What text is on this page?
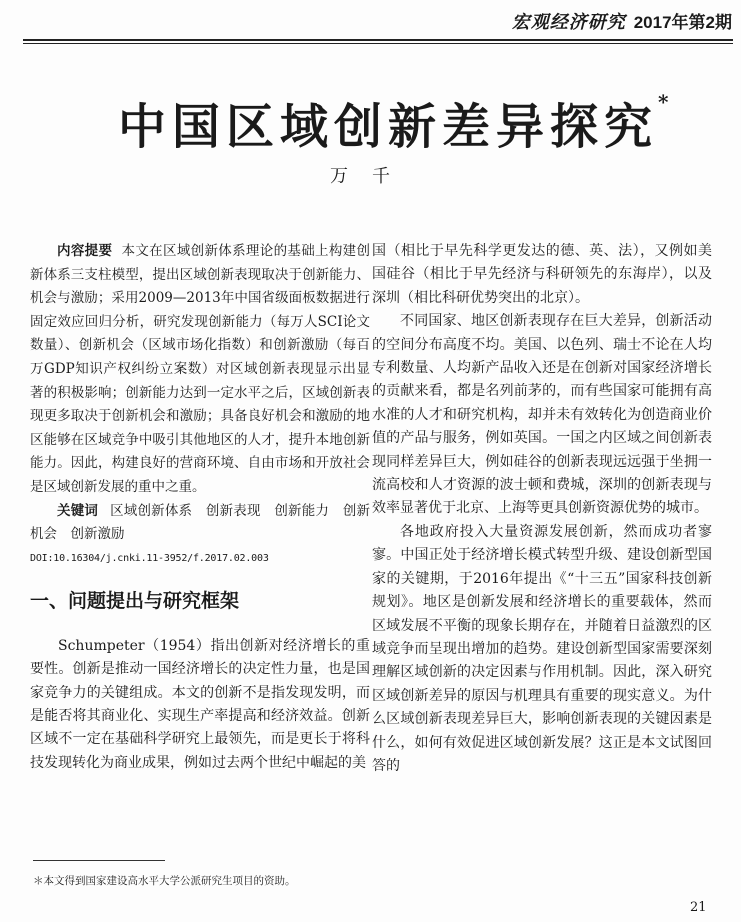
宏观经济研究 2017年第2期
中国区域创新差异探究*
万千

内容提要 本文在区域创新体系理论的基础上构建创新体系三支柱模型，提出区域创新表现取决于创新能力、机会与激励；采用2009—2013年中国省级面板数据进行固定效应回归分析，研究发现创新能力（每万人SCI论文数量）、创新机会（区域市场化指数）和创新激励（每百万GDP知识产权纠纷立案数）对区域创新表现显示出显著的积极影响；创新能力达到一定水平之后，区域创新表现更多取决于创新机会和激励；具备良好机会和激励的地区能够在区域竞争中吸引其他地区的人才，提升本地创新能力。因此，构建良好的营商环境、自由市场和开放社会是区域创新发展的重中之重。

关键词 区域创新体系　创新表现　创新能力　创新机会　创新激励

DOI:10.16304/j.cnki.11-3952/f.2017.02.003

一、问题提出与研究框架

Schumpeter（1954）指出创新对经济增长的重要性。创新是推动一国经济增长的决定性力量，也是国家竞争力的关键组成。本文的创新不是指发现发明，而是能否将其商业化、实现生产率提高和经济效益。创新区域不一定在基础科学研究上最领先，而是更长于将科技发现转化为商业成果，例如过去两个世纪中崛起的美

国（相比于早先科学更发达的德、英、法），又例如美国硅谷（相比于早先经济与科研领先的东海岸），以及深圳（相比科研优势突出的北京）。

不同国家、地区创新表现存在巨大差异，创新活动的空间分布高度不均。美国、以色列、瑞士不论在人均专利数量、人均新产品收入还是在创新对国家经济增长的贡献来看，都是名列前茅的，而有些国家可能拥有高水准的人才和研究机构，却并未有效转化为创造商业价值的产品与服务，例如英国。一国之内区域之间创新表现同样差异巨大，例如硅谷的创新表现远远强于坐拥一流高校和人才资源的波士顿和费城，深圳的创新表现与效率显著优于北京、上海等更具创新资源优势的城市。

各地政府投入大量资源发展创新，然而成功者寥寥。中国正处于经济增长模式转型升级、建设创新型国家的关键期，于2016年提出《“十三五”国家科技创新规划》。地区是创新发展和经济增长的重要载体，然而区域发展不平衡的现象长期存在，并随着日益激烈的区域竞争而呈现出增加的趋势。建设创新型国家需要深刻理解区域创新的决定因素与作用机制。因此，深入研究区域创新差异的原因与机理具有重要的现实意义。为什么区域创新表现差异巨大，影响创新表现的关键因素是什么，如何有效促进区域创新发展？这正是本文试图回答的

＊本文得到国家建设高水平大学公派研究生项目的资助。
21
